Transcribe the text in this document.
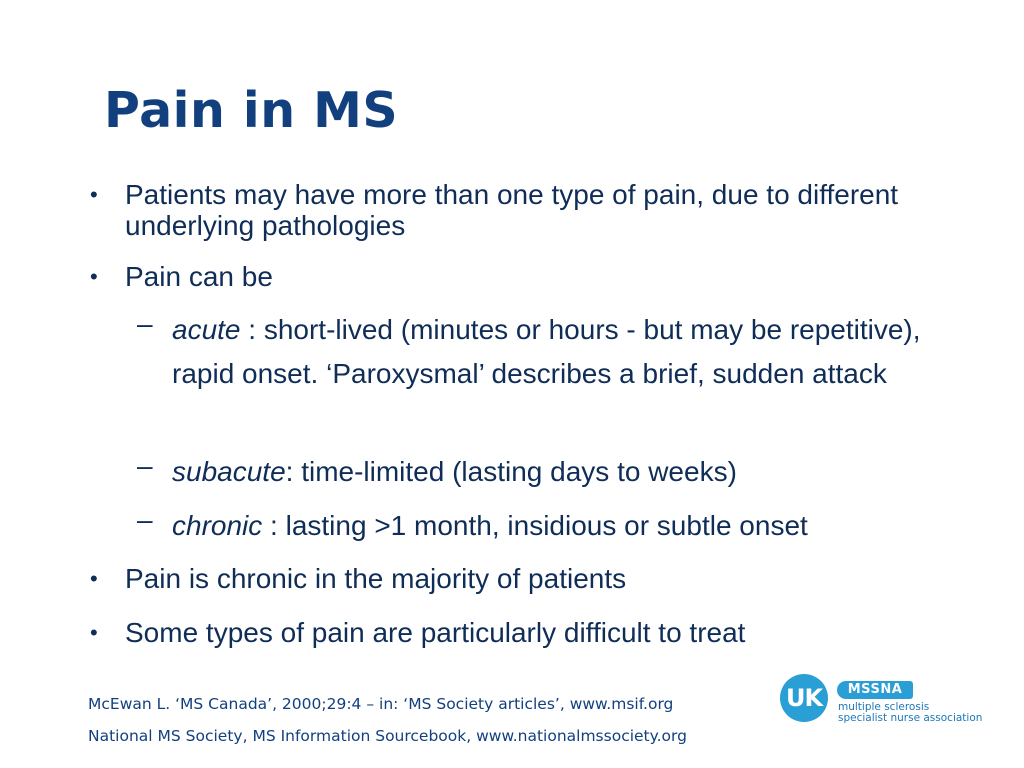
Pain in MS
• Patients may have more than one type of pain, due to different underlying pathologies
• Pain can be
– acute : short-lived (minutes or hours - but may be repetitive), rapid onset. ‘Paroxysmal’ describes a brief, sudden attack
– subacute: time-limited (lasting days to weeks)
– chronic : lasting >1 month, insidious or subtle onset
• Pain is chronic in the majority of patients
• Some types of pain are particularly difficult to treat
McEwan L. ‘MS Canada’, 2000;29:4 – in: ‘MS Society articles’, www.msif.org
National MS Society, MS Information Sourcebook, www.nationalmssociety.org
UK	MSSNA
multiple sclerosis
specialist nurse association
